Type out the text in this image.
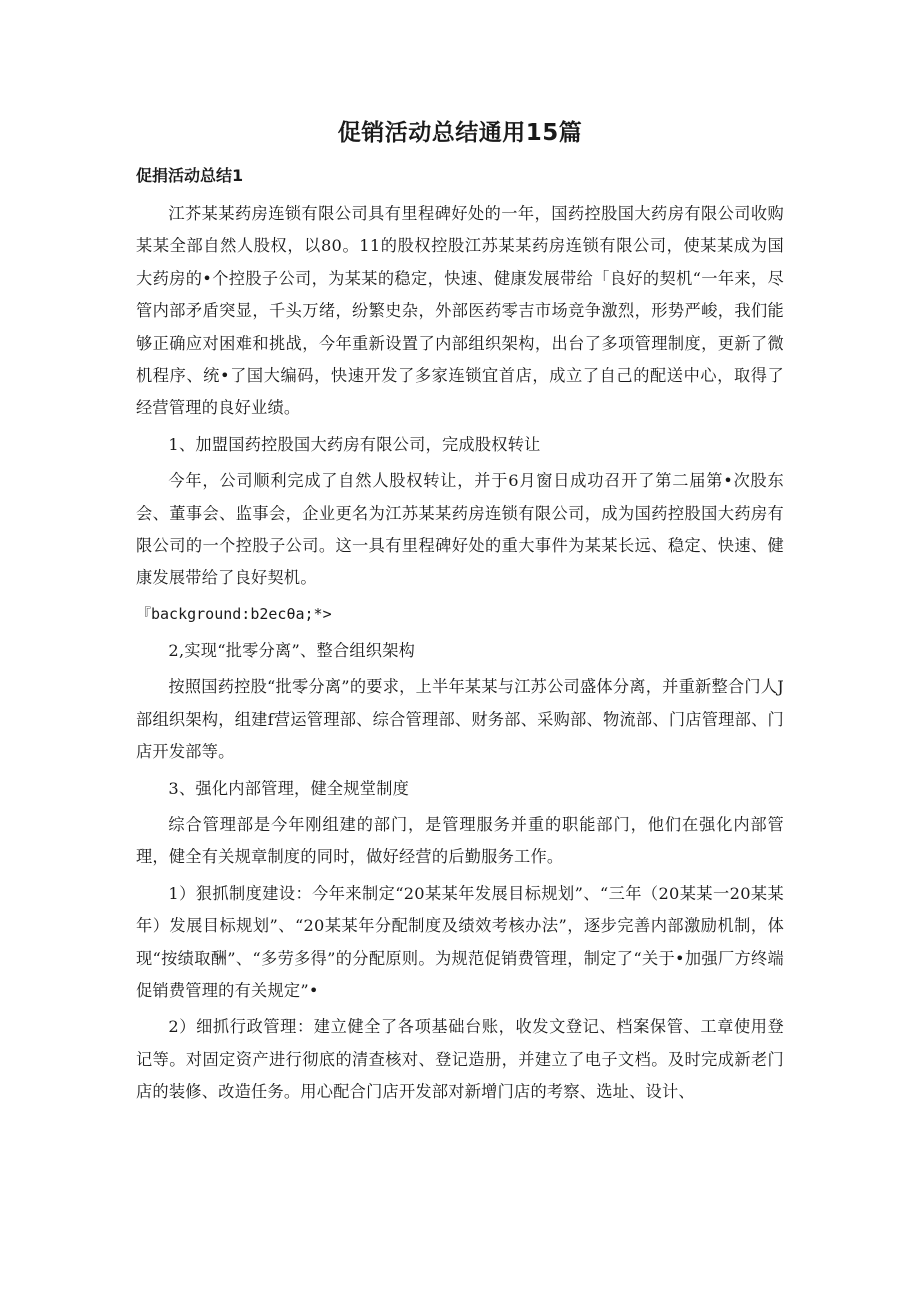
促销活动总结通用15篇
促捐活动总结1

江芥某某药房连锁有限公司具有里程碑好处的一年，国药控股国大药房有限公司收购某某全部自然人股权，以80。11的股权控股江苏某某药房连锁有限公司，使某某成为国大药房的•个控股子公司，为某某的稳定，快速、健康发展带给「良好的契机“一年来，尽管内部矛盾突显，千头万绪，纷繁史杂，外部医药零吉市场竞争激烈，形势严峻，我们能够正确应对困难和挑战，今年重新设置了内部组织架构，出台了多项管理制度，更新了微机程序、统•了国大编码，快速开发了多家连锁宜首店，成立了自己的配送中心，取得了经营管理的良好业绩。

1、加盟国药控股国大药房有限公司，完成股权转让

今年，公司顺利完成了自然人股权转让，并于6月窗日成功召开了第二届第•次股东会、董事会、监事会，企业更名为江苏某某药房连锁有限公司，成为国药控股国大药房有限公司的一个控股子公司。这一具有里程碑好处的重大事件为某某长远、稳定、快速、健康发展带给了良好契机。

『background:b2ecθa;*>

2,实现“批零分离”、整合组织架构

按照国药控股“批零分离”的要求，上半年某某与江苏公司盛体分离，并重新整合门人J部组织架构，组建f营运管理部、综合管理部、财务部、采购部、物流部、门店管理部、门店开发部等。

3、强化内部管理，健全规堂制度

综合管理部是今年刚组建的部门，是管理服务并重的职能部门，他们在强化内部管理，健全有关规章制度的同时，做好经营的后勤服务工作。

1）狠抓制度建设：今年来制定“20某某年发展目标规划”、“三年（20某某一20某某年）发展目标规划”、“20某某年分配制度及绩效考核办法”，逐步完善内部激励机制，体现“按绩取酬”、“多劳多得”的分配原则。为规范促销费管理，制定了“关于•加强厂方终端促销费管理的有关规定”•

2）细抓行政管理：建立健全了各项基础台账，收发文登记、档案保管、工章使用登记等。对固定资产进行彻底的清查核对、登记造册，并建立了电子文档。及时完成新老门店的装修、改造任务。用心配合门店开发部对新增门店的考察、选址、设计、
